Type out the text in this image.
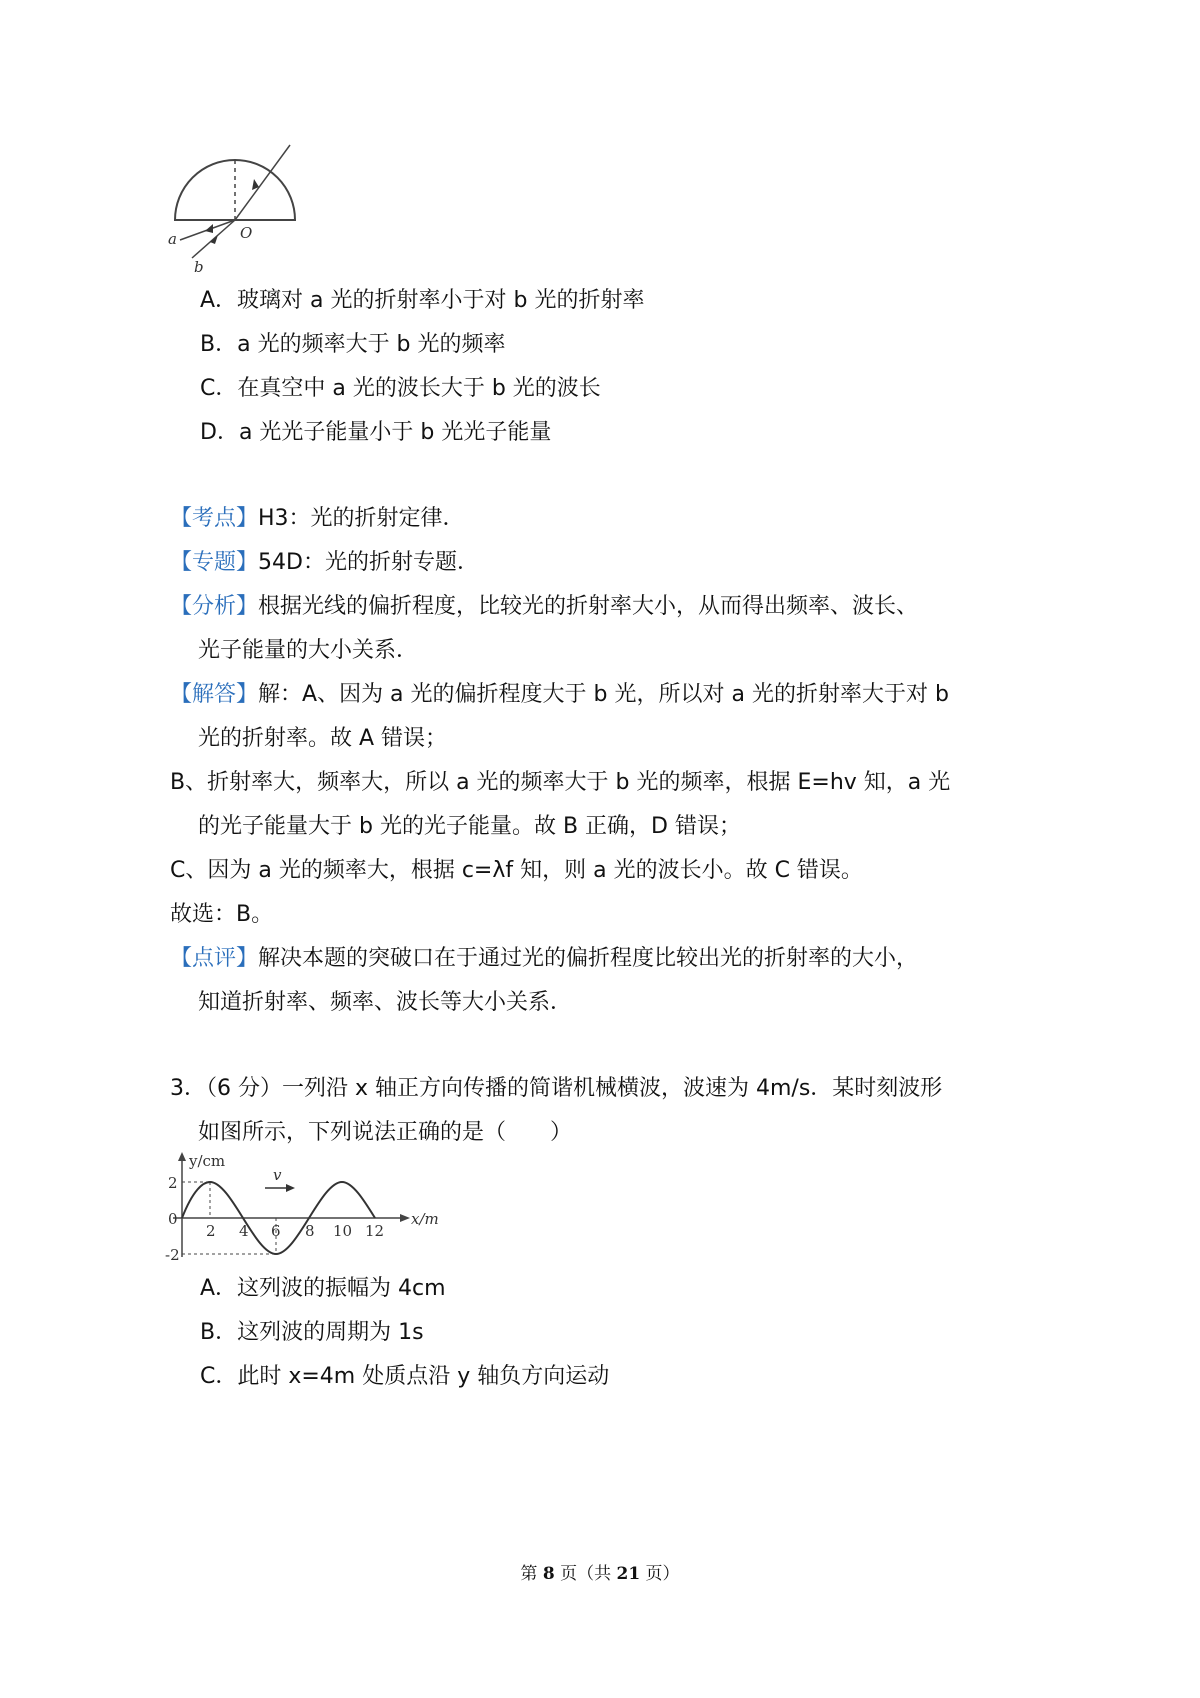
a
b
O
A．玻璃对 a 光的折射率小于对 b 光的折射率
B．a 光的频率大于 b 光的频率
C．在真空中 a 光的波长大于 b 光的波长
D．a 光光子能量小于 b 光光子能量
【考点】H3：光的折射定律．
【专题】54D：光的折射专题．
【分析】根据光线的偏折程度，比较光的折射率大小，从而得出频率、波长、
光子能量的大小关系．
【解答】解：A、因为 a 光的偏折程度大于 b 光，所以对 a 光的折射率大于对 b
光的折射率。故 A 错误；
B、折射率大，频率大，所以 a 光的频率大于 b 光的频率，根据 E=hv 知，a 光
的光子能量大于 b 光的光子能量。故 B 正确，D 错误；
C、因为 a 光的频率大，根据 c=λf 知，则 a 光的波长小。故 C 错误。
故选：B。
【点评】解决本题的突破口在于通过光的偏折程度比较出光的折射率的大小，
知道折射率、频率、波长等大小关系．
3．（6 分）一列沿 x 轴正方向传播的简谐机械横波，波速为 4m/s．某时刻波形
如图所示，下列说法正确的是（　　）
v
y/cm
x/m
2
0
-2
2 4 6 8 10 12
A．这列波的振幅为 4cm
B．这列波的周期为 1s
C．此时 x=4m 处质点沿 y 轴负方向运动
第 8 页（共 21 页）
